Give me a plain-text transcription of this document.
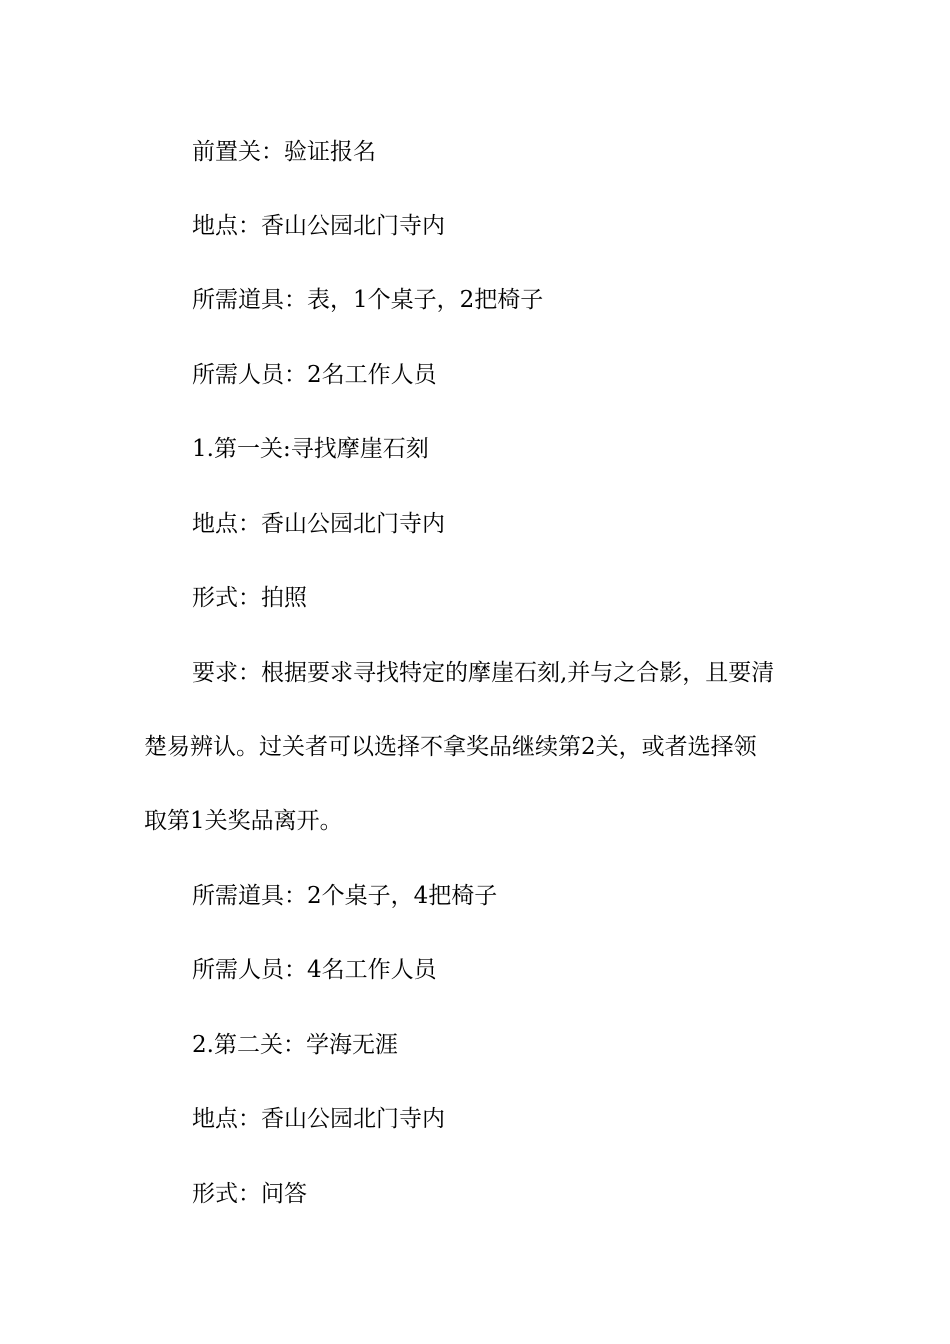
前置关：验证报名
地点：香山公园北门寺内
所需道具：表，1个桌子，2把椅子
所需人员：2名工作人员
1.第一关:寻找摩崖石刻
地点：香山公园北门寺内
形式：拍照
要求：根据要求寻找特定的摩崖石刻,并与之合影，且要清
楚易辨认。过关者可以选择不拿奖品继续第2关，或者选择领
取第1关奖品离开。
所需道具：2个桌子，4把椅子
所需人员：4名工作人员
2.第二关：学海无涯
地点：香山公园北门寺内
形式：问答
